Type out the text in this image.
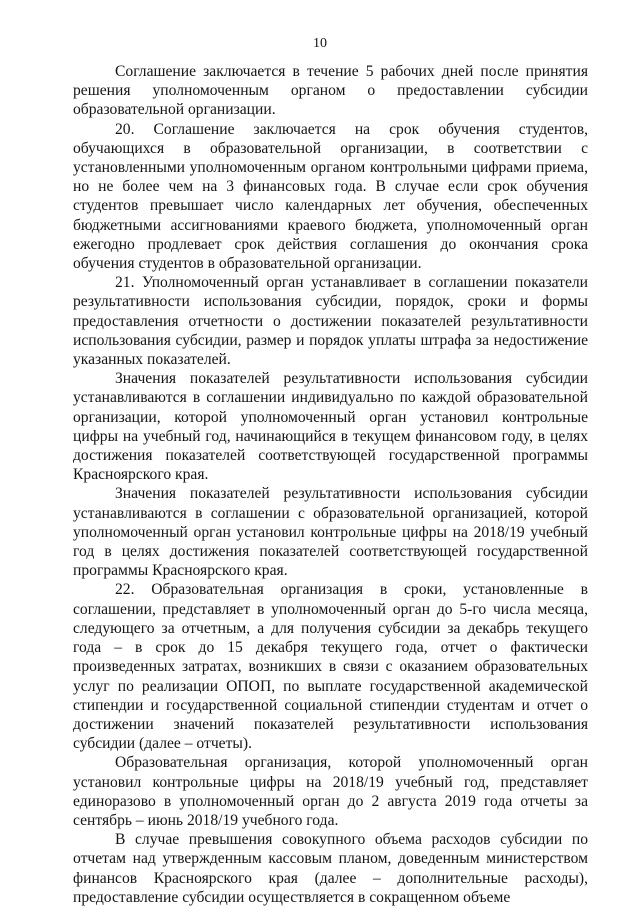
10

Соглашение заключается в течение 5 рабочих дней после принятия решения уполномоченным органом о предоставлении субсидии образовательной организации.

20. Соглашение заключается на срок обучения студентов, обучающихся в образовательной организации, в соответствии с установленными уполномоченным органом контрольными цифрами приема, но не более чем на 3 финансовых года. В случае если срок обучения студентов превышает число календарных лет обучения, обеспеченных бюджетными ассигнованиями краевого бюджета, уполномоченный орган ежегодно продлевает срок действия соглашения до окончания срока обучения студентов в образовательной организации.

21. Уполномоченный орган устанавливает в соглашении показатели результативности использования субсидии, порядок, сроки и формы предоставления отчетности о достижении показателей результативности использования субсидии, размер и порядок уплаты штрафа за недостижение указанных показателей.

Значения показателей результативности использования субсидии устанавливаются в соглашении индивидуально по каждой образовательной организации, которой уполномоченный орган установил контрольные цифры на учебный год, начинающийся в текущем финансовом году, в целях достижения показателей соответствующей государственной программы Красноярского края.

Значения показателей результативности использования субсидии устанавливаются в соглашении с образовательной организацией, которой уполномоченный орган установил контрольные цифры на 2018/19 учебный год в целях достижения показателей соответствующей государственной программы Красноярского края.

22. Образовательная организация в сроки, установленные в соглашении, представляет в уполномоченный орган до 5-го числа месяца, следующего за отчетным, а для получения субсидии за декабрь текущего года – в срок до 15 декабря текущего года, отчет о фактически произведенных затратах, возникших в связи с оказанием образовательных услуг по реализации ОПОП, по выплате государственной академической стипендии и государственной социальной стипендии студентам и отчет о достижении значений показателей результативности использования субсидии (далее – отчеты).

Образовательная организация, которой уполномоченный орган установил контрольные цифры на 2018/19 учебный год, представляет единоразово в уполномоченный орган до 2 августа 2019 года отчеты за сентябрь – июнь 2018/19 учебного года.

В случае превышения совокупного объема расходов субсидии по отчетам над утвержденным кассовым планом, доведенным министерством финансов Красноярского края (далее – дополнительные расходы), предоставление субсидии осуществляется в сокращенном объеме
